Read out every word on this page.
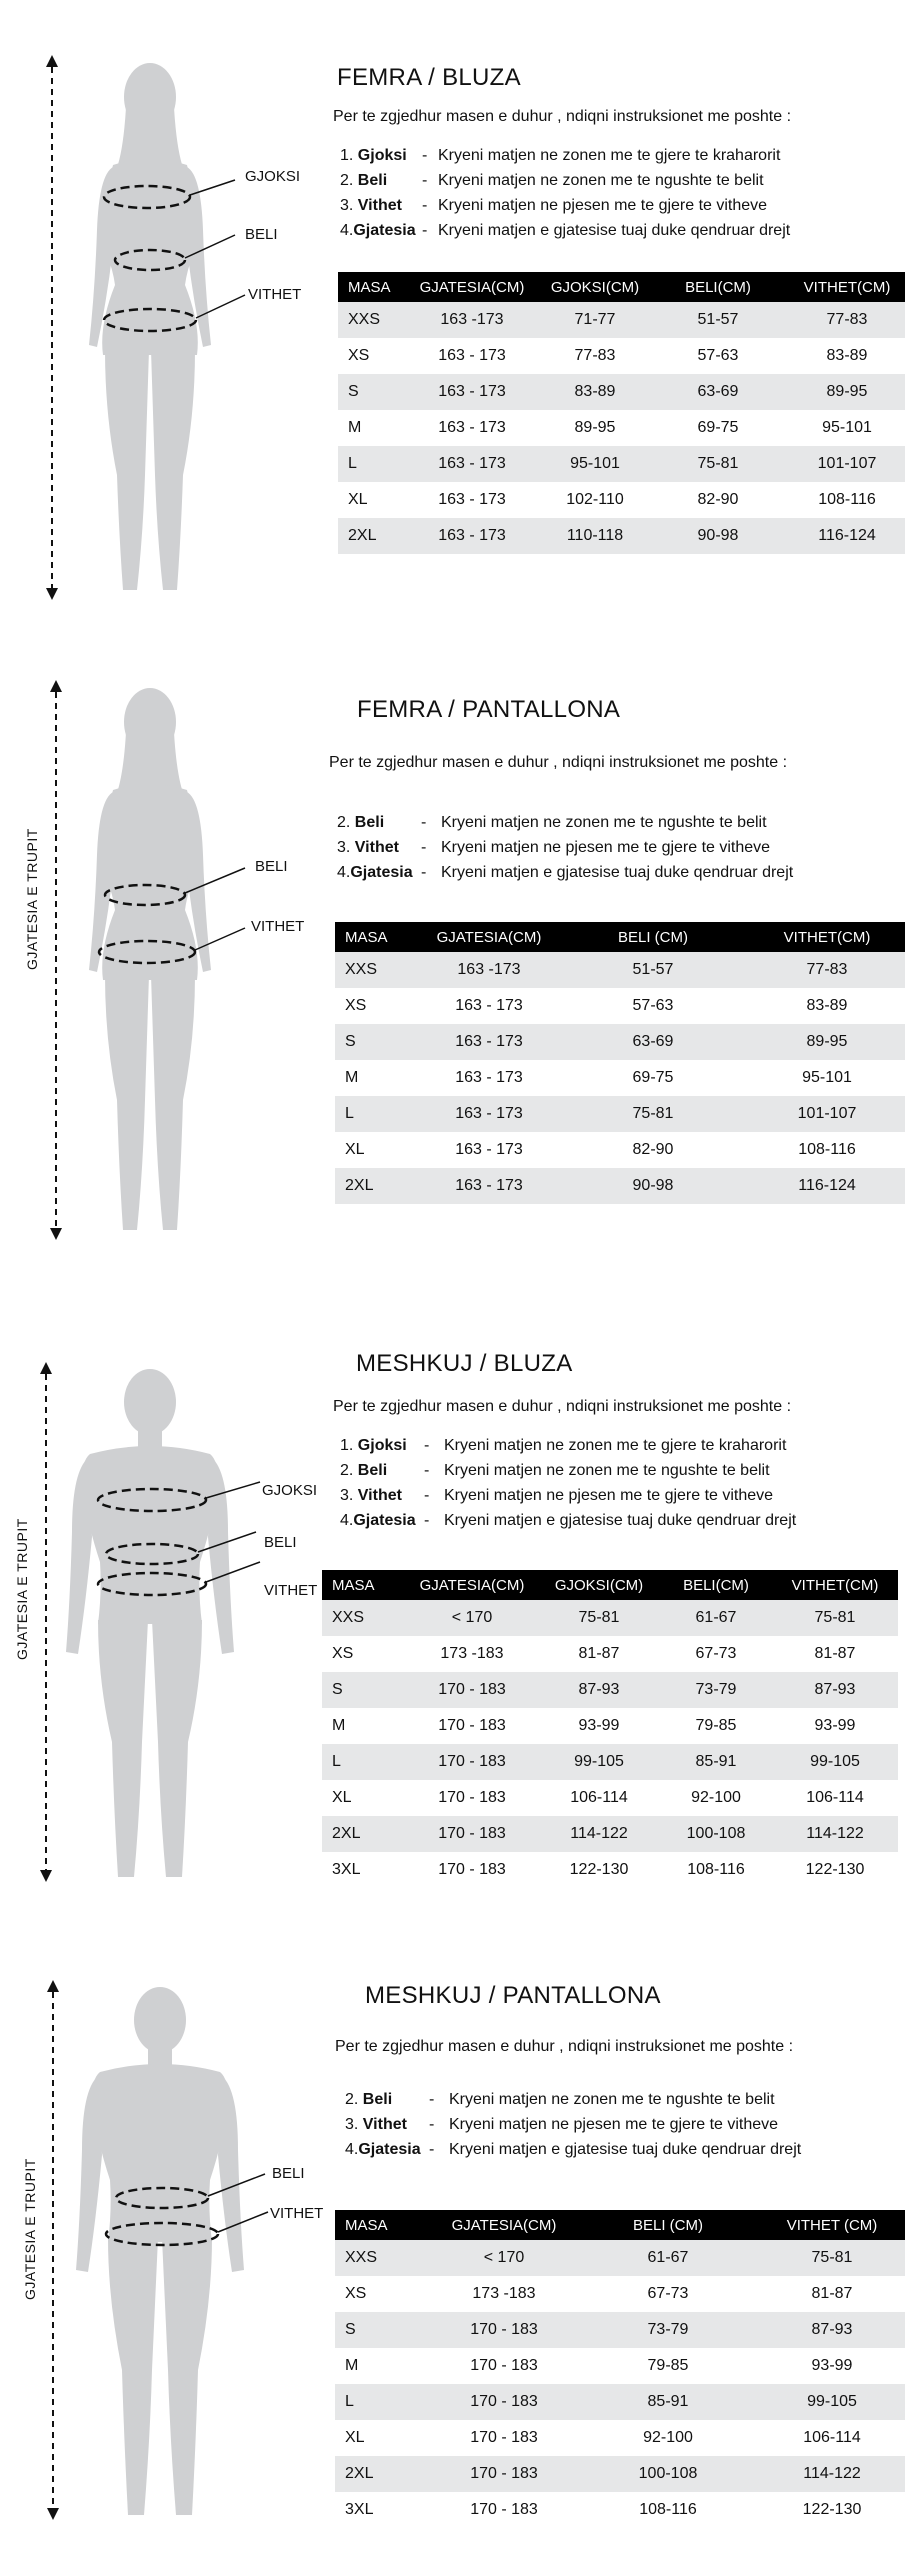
GJOKSI
BELI
VITHET
FEMRA / BLUZA
Per te zgjedhur masen e duhur , ndiqni instruksionet me poshte :
1. Gjoksi - Kryeni matjen ne zonen me te gjere te kraharorit
2. Beli	- Kryeni matjen ne zonen me te ngushte te belit
3. Vithet	- Kryeni matjen ne pjesen me te gjere te vitheve
4.Gjatesia - Kryeni matjen e gjatesise tuaj duke qendruar drejt
MASA	GJATESIA(CM)	GJOKSI(CM)	BELI(CM)	VITHET(CM)
XXS	163 -173	71-77	51-57	77-83
XS	163 - 173	77-83	57-63	83-89
S	163 - 173	83-89	63-69	89-95
M	163 - 173	89-95	69-75	95-101
L	163 - 173	95-101	75-81	101-107
XL	163 - 173	102-110	82-90	108-116
2XL	163 - 173	110-118	90-98	116-124
GJATESIA E TRUPIT	BELI
VITHET
FEMRA / PANTALLONA
Per te zgjedhur masen e duhur , ndiqni instruksionet me poshte :
2. Beli	- Kryeni matjen ne zonen me te ngushte te belit
3. Vithet	- Kryeni matjen ne pjesen me te gjere te vitheve
4.Gjatesia - Kryeni matjen e gjatesise tuaj duke qendruar drejt
MASA	GJATESIA(CM)	BELI (CM)	VITHET(CM)
XXS	163 -173	51-57	77-83
XS	163 - 173	57-63	83-89
S	163 - 173	63-69	89-95
M	163 - 173	69-75	95-101
L	163 - 173	75-81	101-107
XL	163 - 173	82-90	108-116
2XL	163 - 173	90-98	116-124
GJATESIA E TRUPIT
GJOKSI
BELI
VITHET
MESHKUJ / BLUZA
Per te zgjedhur masen e duhur , ndiqni instruksionet me poshte :
1. Gjoksi	- Kryeni matjen ne zonen me te gjere te kraharorit
2. Beli	- Kryeni matjen ne zonen me te ngushte te belit
3. Vithet	- Kryeni matjen ne pjesen me te gjere te vitheve
4.Gjatesia - Kryeni matjen e gjatesise tuaj duke qendruar drejt
MASA	GJATESIA(CM)	GJOKSI(CM)	BELI(CM)	VITHET(CM)
XXS	< 170	75-81	61-67	75-81
XS	173 -183	81-87	67-73	81-87
S	170 - 183	87-93	73-79	87-93
M	170 - 183	93-99	79-85	93-99
L	170 - 183	99-105	85-91	99-105
XL	170 - 183	106-114	92-100	106-114
2XL	170 - 183	114-122	100-108	114-122
3XL	170 - 183	122-130	108-116	122-130
GJATESIA E TRUPIT	BELI
VITHET
MESHKUJ / PANTALLONA
Per te zgjedhur masen e duhur , ndiqni instruksionet me poshte :
2. Beli	- Kryeni matjen ne zonen me te ngushte te belit
3. Vithet	- Kryeni matjen ne pjesen me te gjere te vitheve
4.Gjatesia - Kryeni matjen e gjatesise tuaj duke qendruar drejt
MASA	GJATESIA(CM)	BELI (CM)	VITHET (CM)
XXS	< 170	61-67	75-81
XS	173 -183	67-73	81-87
S	170 - 183	73-79	87-93
M	170 - 183	79-85	93-99
L	170 - 183	85-91	99-105
XL	170 - 183	92-100	106-114
2XL	170 - 183	100-108	114-122
3XL	170 - 183	108-116	122-130
